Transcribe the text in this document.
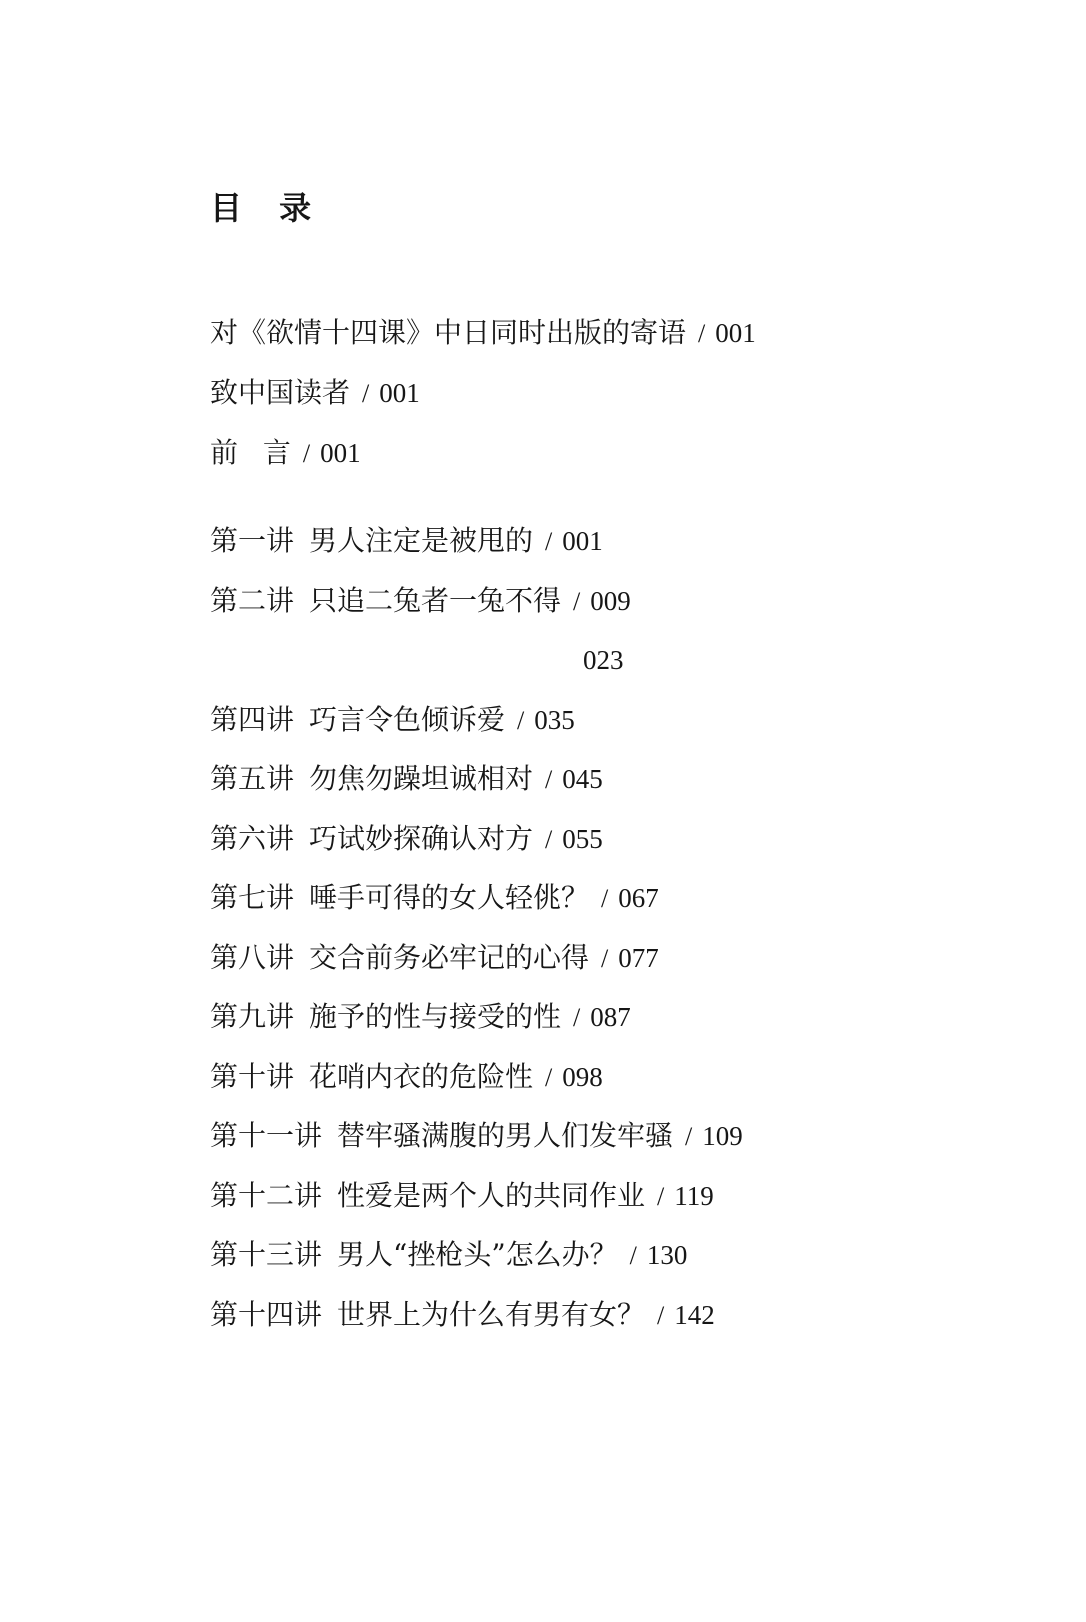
目 录
对《欲情十四课》中日同时出版的寄语 / 001
致中国读者 / 001
前 言 / 001
第一讲 男人注定是被甩的 / 001
第二讲 只追二兔者一兔不得 / 009
023
第四讲 巧言令色倾诉爱 / 035
第五讲 勿焦勿躁坦诚相对 / 045
第六讲 巧试妙探确认对方 / 055
第七讲 唾手可得的女人轻佻？ / 067
第八讲 交合前务必牢记的心得 / 077
第九讲 施予的性与接受的性 / 087
第十讲 花哨内衣的危险性 / 098
第十一讲 替牢骚满腹的男人们发牢骚 / 109
第十二讲 性爱是两个人的共同作业 / 119
第十三讲 男人“挫枪头”怎么办？ / 130
第十四讲 世界上为什么有男有女？ / 142
